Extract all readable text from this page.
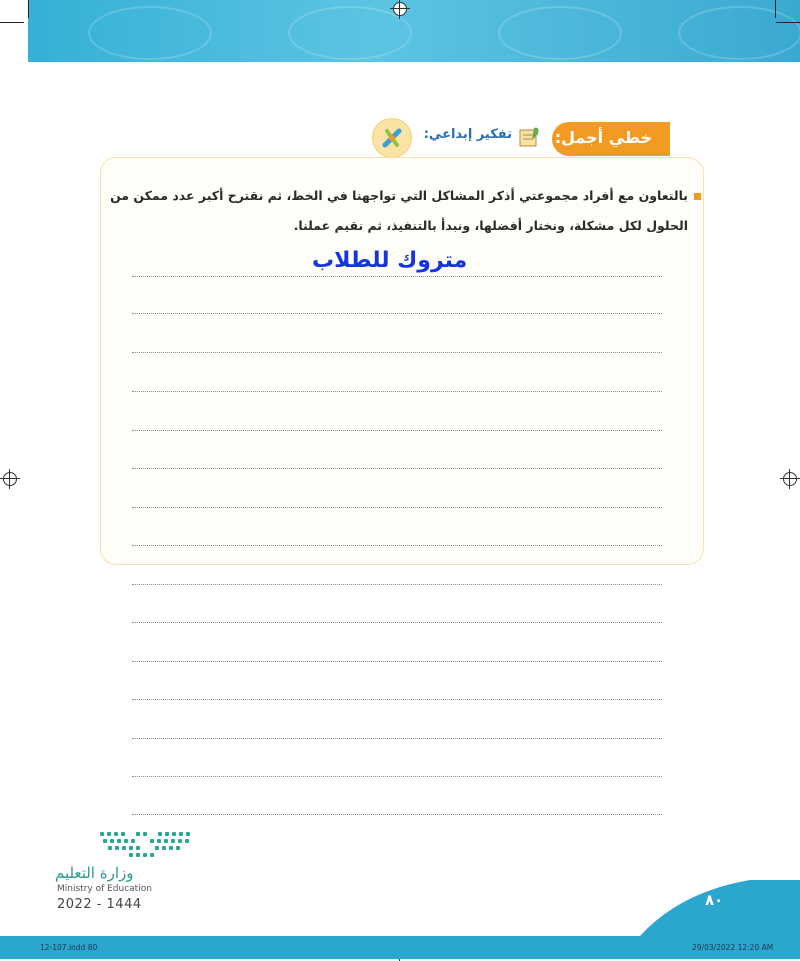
خطي أجمل:
تفكير إبداعي:
بالتعاون مع أفراد مجموعتي أذكر المشاكل التي تواجهنا في الخط، ثم نقترح أكبر عدد ممكن من
الحلول لكل مشكلة، ونختار أفضلها، ونبدأ بالتنفيذ، ثم نقيم عملنا.
متروك للطلاب
وزارة التعليم
Ministry of Education
2022 - 1444	٨٠
12-107.indd 80	29/03/2022 12:20 AM
